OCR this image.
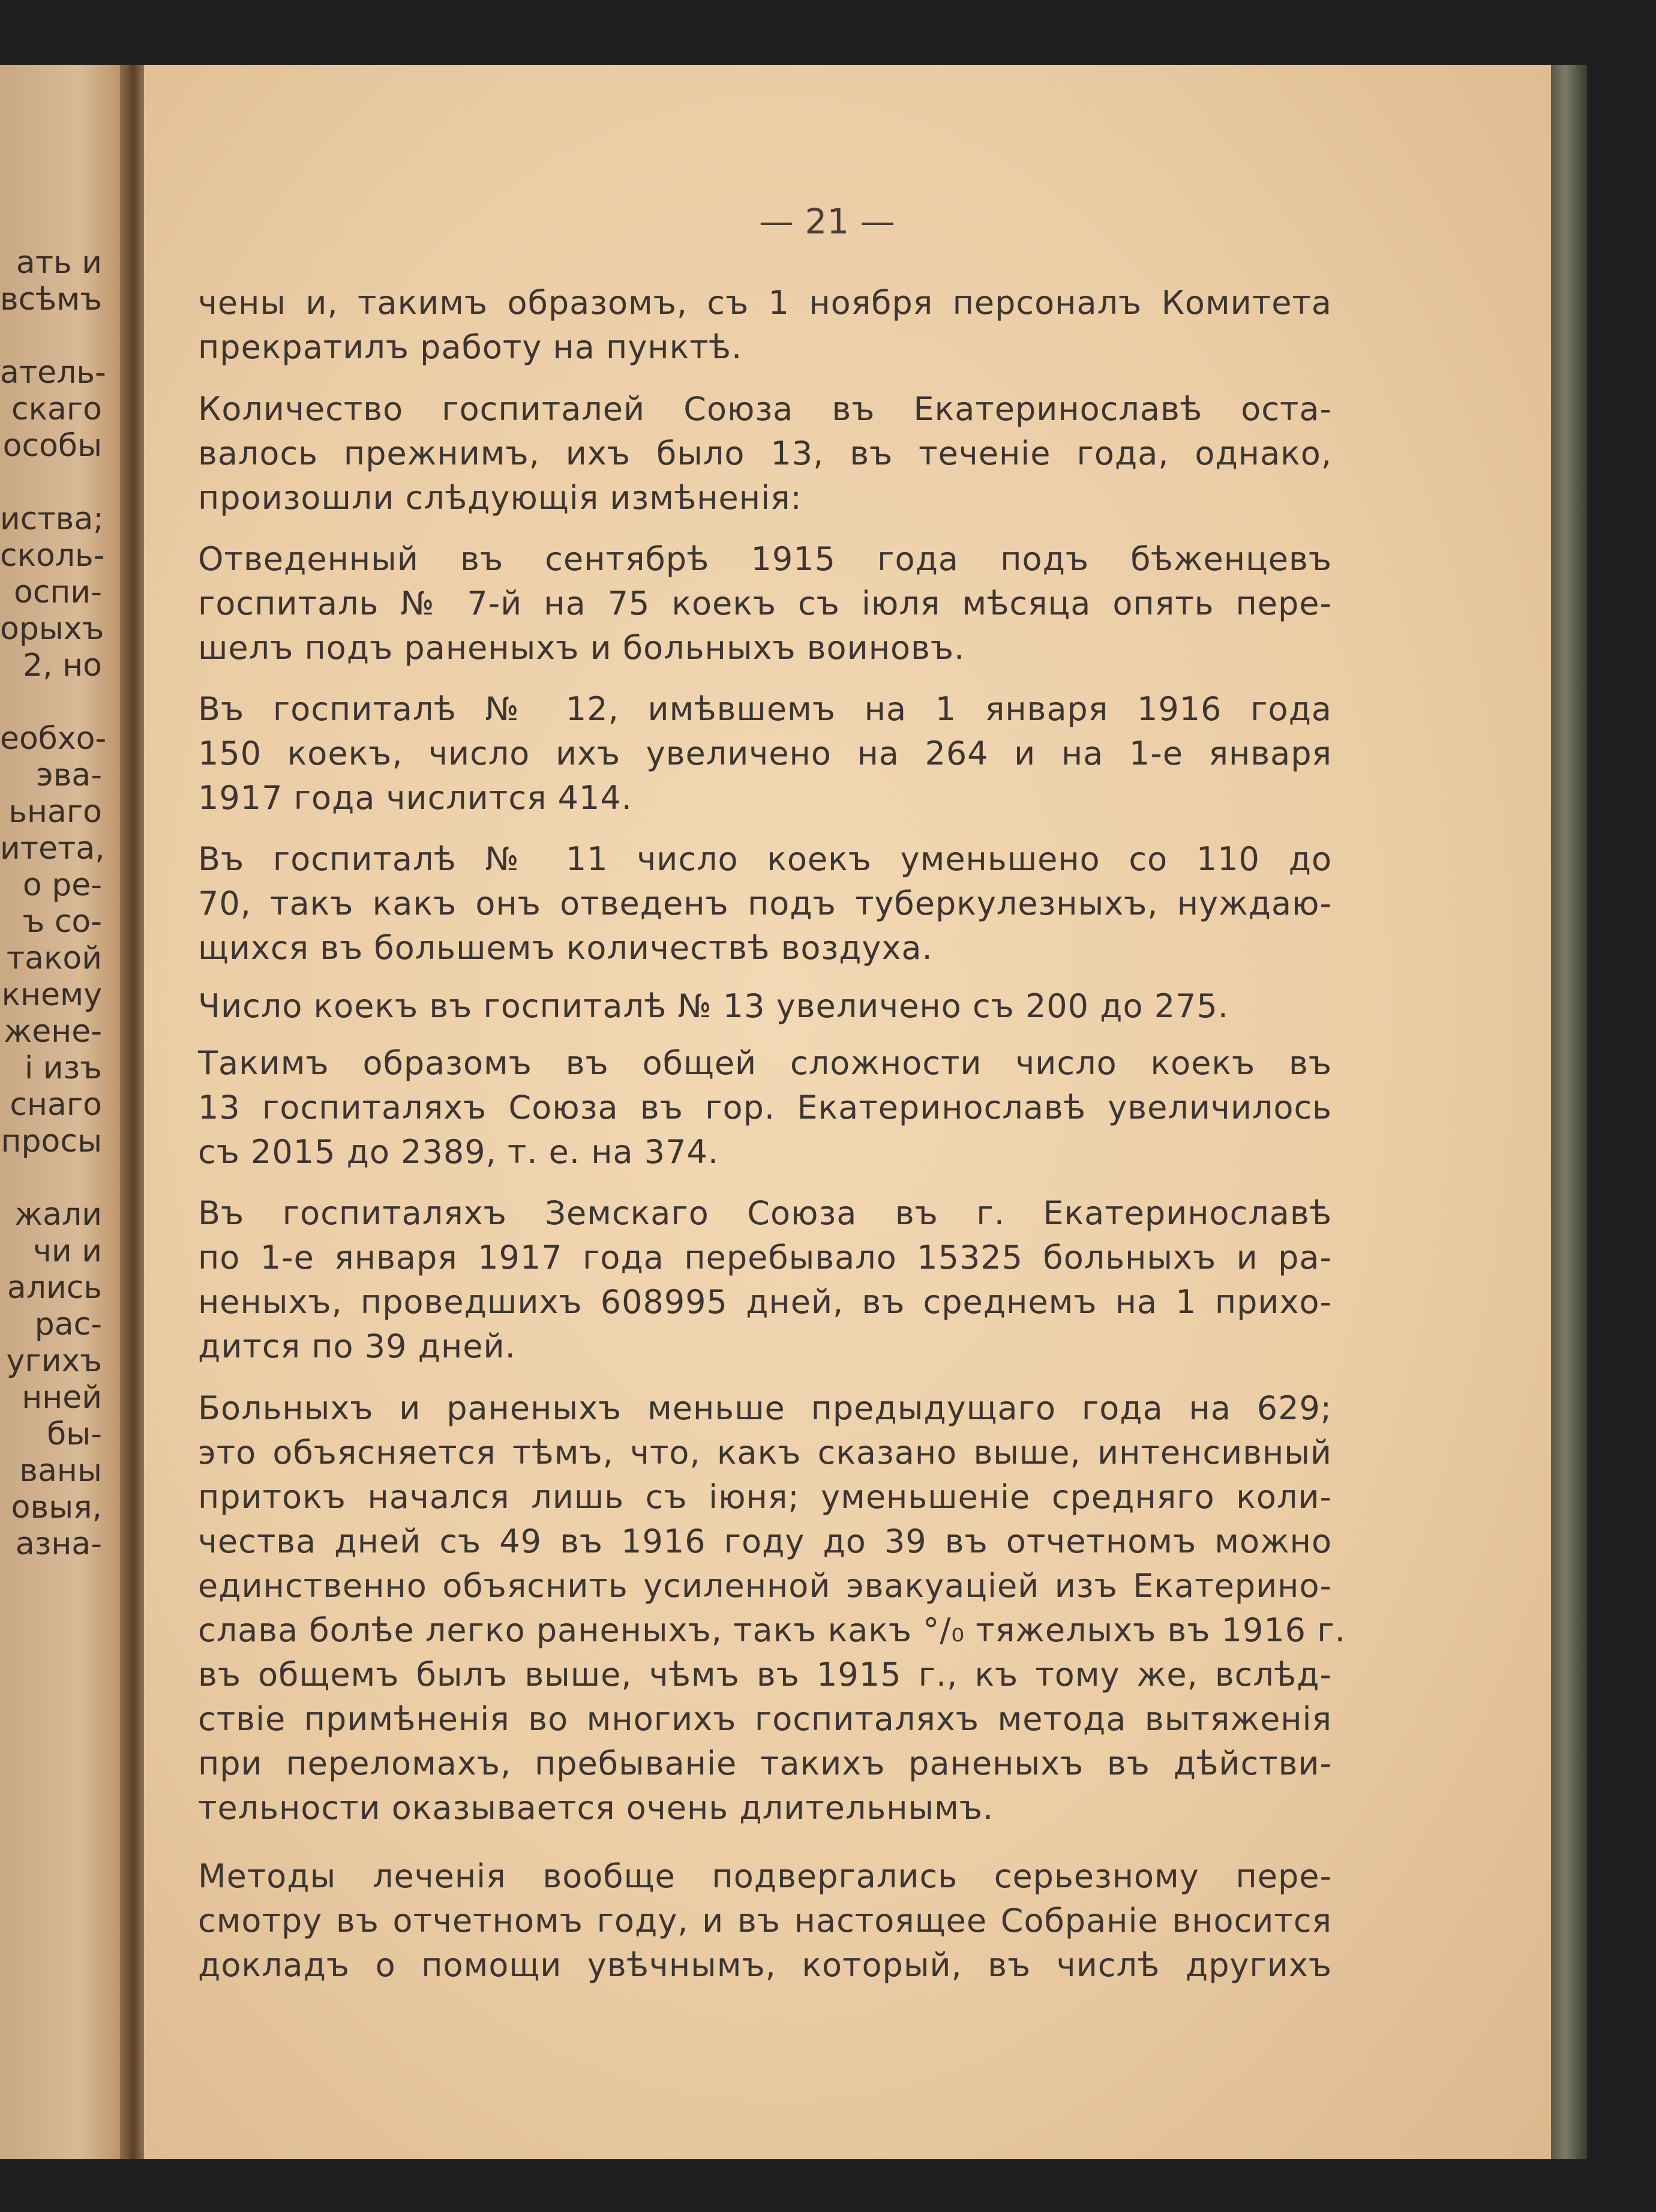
ать и
всѣмъ
атель-
скаго
особы
иства;
сколь-
оспи-
орыхъ
2, но
еобхо-
эва-
ьнаго
итета,
о ре-
ъ со-
такой
кнему
жене-
і изъ
снаго
просы
жали
чи и
ались
рас-
угихъ
нней
бы-
ваны
овыя,
азна-
— 21 —
чены и, такимъ образомъ, съ 1 ноября персоналъ Комитета
прекратилъ работу на пунктѣ.
Количество госпиталей Союза въ Екатеринославѣ оста-
валось прежнимъ, ихъ было 13, въ теченіе года, однако,
произошли слѣдующія измѣненія:
Отведенный въ сентябрѣ 1915 года подъ бѣженцевъ
госпиталь № 7-й на 75 коекъ съ іюля мѣсяца опять пере-
шелъ подъ раненыхъ и больныхъ воиновъ.
Въ госпиталѣ № 12, имѣвшемъ на 1 января 1916 года
150 коекъ, число ихъ увеличено на 264 и на 1-е января
1917 года числится 414.
Въ госпиталѣ № 11 число коекъ уменьшено со 110 до
70, такъ какъ онъ отведенъ подъ туберкулезныхъ, нуждаю-
щихся въ большемъ количествѣ воздуха.
Число коекъ въ госпиталѣ № 13 увеличено съ 200 до 275.
Такимъ образомъ въ общей сложности число коекъ въ
13 госпиталяхъ Союза въ гор. Екатеринославѣ увеличилось
съ 2015 до 2389, т. е. на 374.
Въ госпиталяхъ Земскаго Союза въ г. Екатеринославѣ
по 1-е января 1917 года перебывало 15325 больныхъ и ра-
неныхъ, проведшихъ 608995 дней, въ среднемъ на 1 прихо-
дится по 39 дней.
Больныхъ и раненыхъ меньше предыдущаго года на 629;
это объясняется тѣмъ, что, какъ сказано выше, интенсивный
притокъ начался лишь съ іюня; уменьшеніе средняго коли-
чества дней съ 49 въ 1916 году до 39 въ отчетномъ можно
единственно объяснить усиленной эвакуаціей изъ Екатерино-
слава болѣе легко раненыхъ, такъ какъ °/₀ тяжелыхъ въ 1916 г.
въ общемъ былъ выше, чѣмъ въ 1915 г., къ тому же, вслѣд-
ствіе примѣненія во многихъ госпиталяхъ метода вытяженія
при переломахъ, пребываніе такихъ раненыхъ въ дѣйстви-
тельности оказывается очень длительнымъ.
Методы леченія вообще подвергались серьезному пере-
смотру въ отчетномъ году, и въ настоящее Собраніе вносится
докладъ о помощи увѣчнымъ, который, въ числѣ другихъ
